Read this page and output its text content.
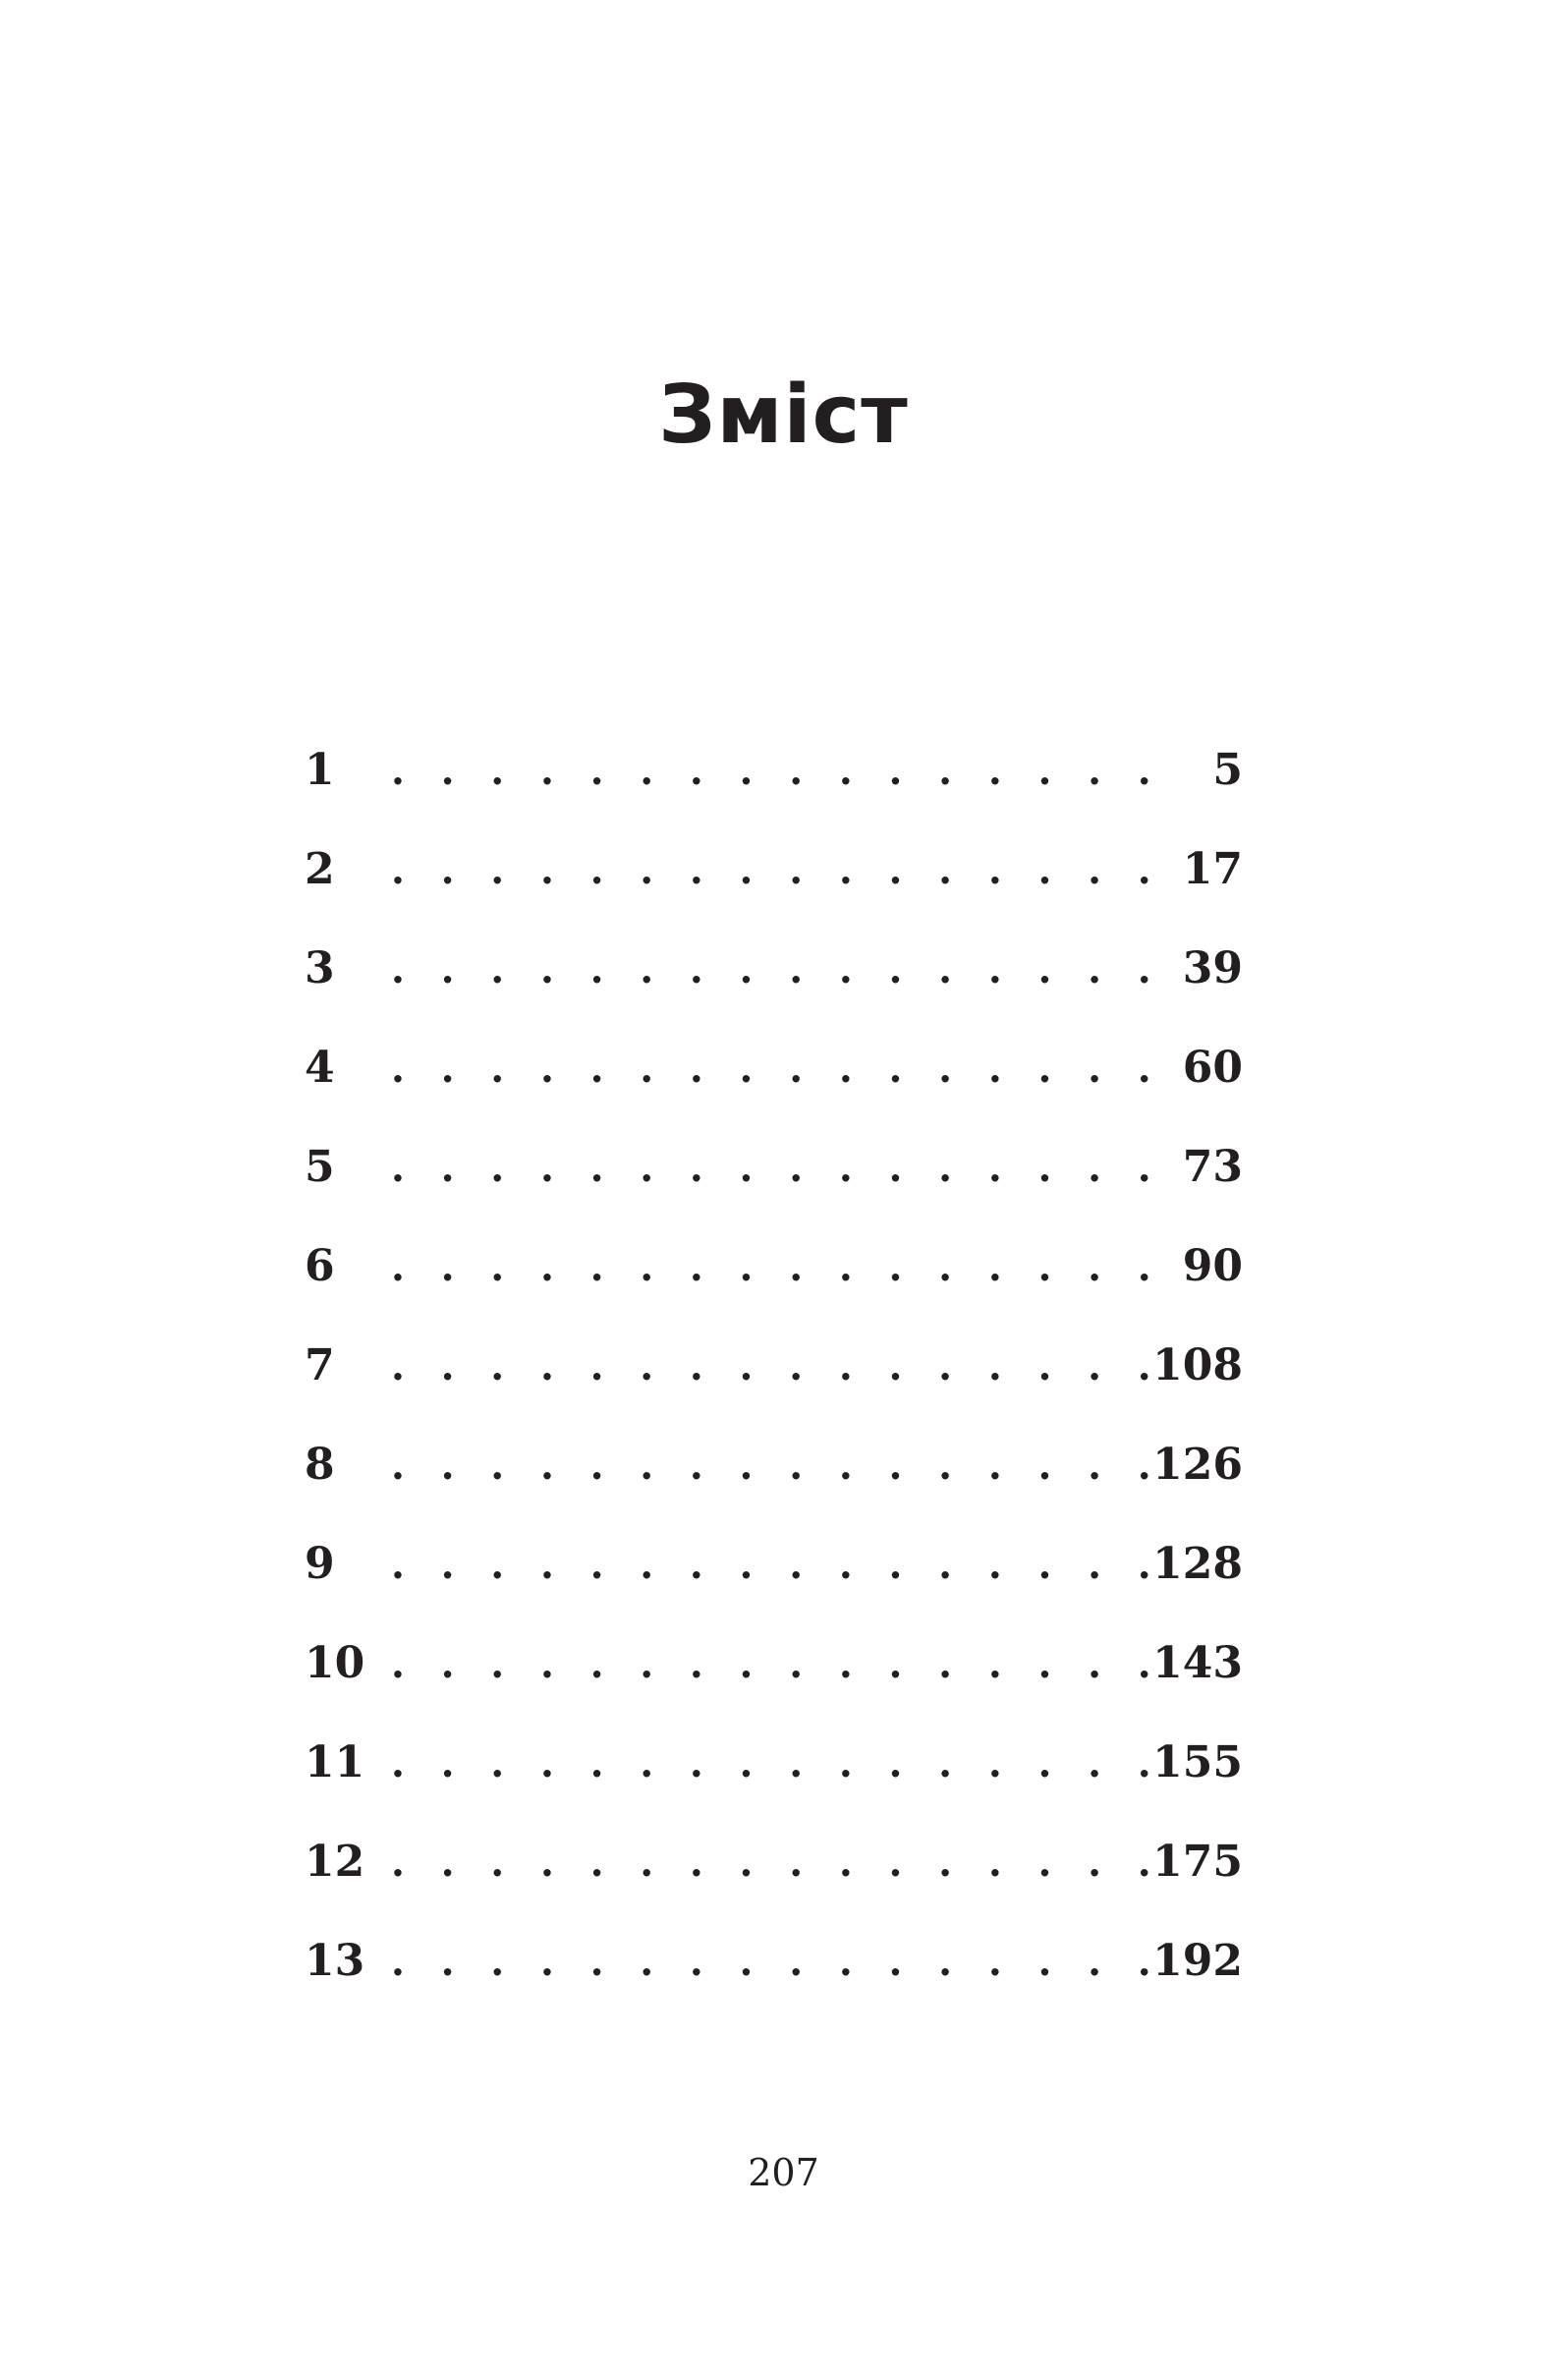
Зміст
1 . . .	5
2 . . .	17
3 . . .	39
4 . . .	60
5 . . .	73
6 . . .	90
7 . . .	108
8 . . .	126
9 . . .	128
10 . . .	143
11 . . .	155
12 . . .	175
13 . . .	192
207
